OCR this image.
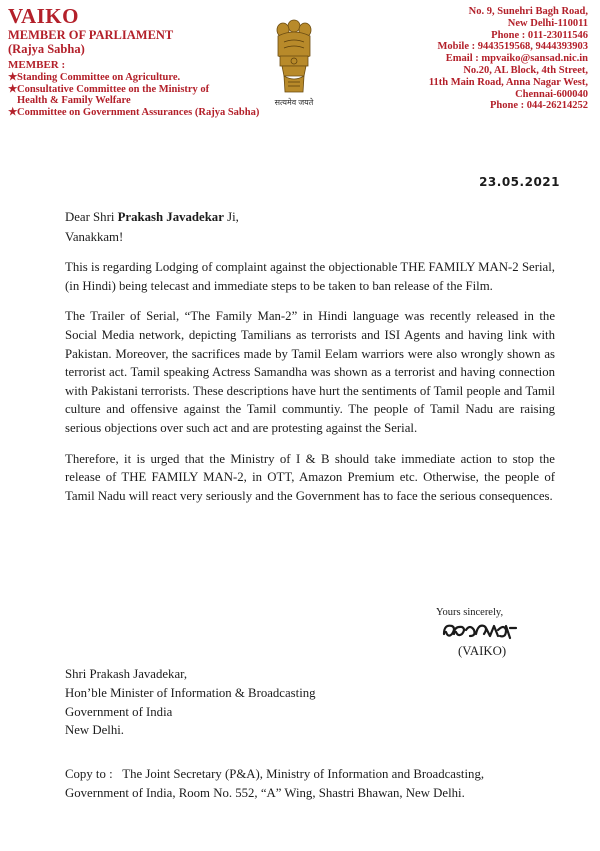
VAIKO
MEMBER OF PARLIAMENT
(Rajya Sabha)
MEMBER :
★ Standing Committee on Agriculture.
★ Consultative Committee on the Ministry of Health & Family Welfare
★ Committee on Government Assurances (Rajya Sabha)
सत्यमेव जयते
No. 9, Sunehri Bagh Road,
New Delhi-110011
Phone : 011-23011546
Mobile : 9443519568, 9444393903
Email : mpvaiko@sansad.nic.in
No.20, AL Block, 4th Street,
11th Main Road, Anna Nagar West,
Chennai-600040
Phone : 044-26214252
23.05.2021

Dear Shri Prakash Javadekar Ji,

Vanakkam!

This is regarding Lodging of complaint against the objectionable THE FAMILY MAN-2 Serial, (in Hindi) being telecast and immediate steps to be taken to ban release of the Film.

The Trailer of Serial, “The Family Man-2” in Hindi language was recently released in the Social Media network, depicting Tamilians as terrorists and ISI Agents and having link with Pakistan. Moreover, the sacrifices made by Tamil Eelam warriors were also wrongly shown as terrorist act. Tamil speaking Actress Samandha was shown as a terrorist and having connection with Pakistani terrorists. These descriptions have hurt the sentiments of Tamil people and Tamil culture and offensive against the Tamil communtiy. The people of Tamil Nadu are raising serious objections over such act and are protesting against the Serial.

Therefore, it is urged that the Ministry of I & B should take immediate action to stop the release of THE FAMILY MAN-2, in OTT, Amazon Premium etc. Otherwise, the people of Tamil Nadu will react very seriously and the Government has to face the serious consequences.

Yours sincerely,
(VAIKO)

Shri Prakash Javadekar,

Hon’ble Minister of Information & Broadcasting

Government of India

New Delhi.

Copy to : The Joint Secretary (P&A), Ministry of Information and Broadcasting,

Government of India, Room No. 552, “A” Wing, Shastri Bhawan, New Delhi.
